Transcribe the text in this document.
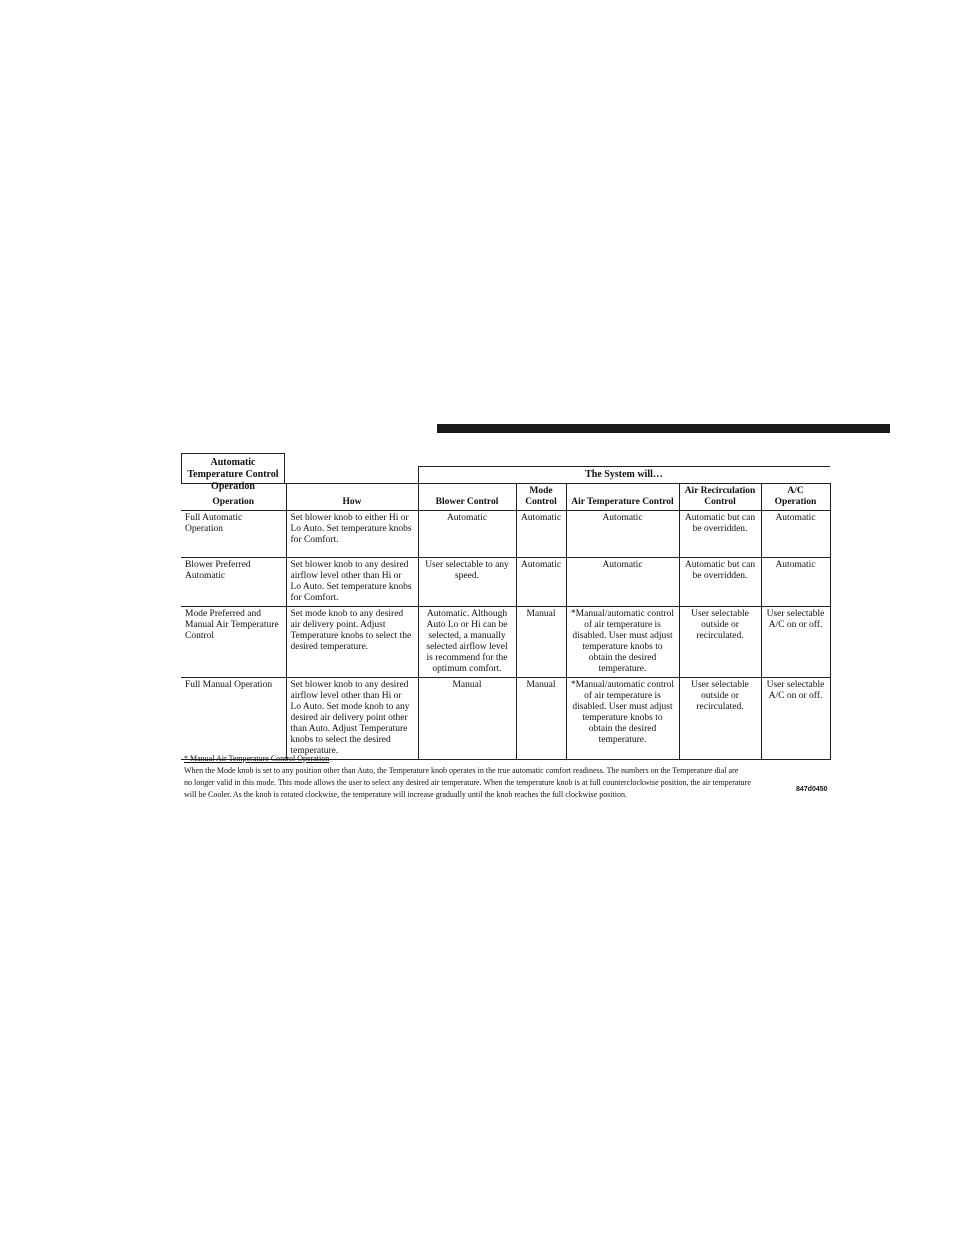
Automatic Temperature Control Operation
The System will…
Operation	How	Blower Control	Mode Control	Air Temperature Control	Air Recirculation Control	A/C Operation
Full Automatic Operation	Set blower knob to either Hi or Lo Auto. Set temperature knobs for Comfort.	Automatic	Automatic	Automatic	Automatic but can be overridden.	Automatic
Blower Preferred Automatic	Set blower knob to any desired airflow level other than Hi or Lo Auto. Set temperature knobs for Comfort.	User selectable to any speed.	Automatic	Automatic	Automatic but can be overridden.	Automatic
Mode Preferred and Manual Air Temperature Control	Set mode knob to any desired air delivery point. Adjust Temperature knobs to select the desired temperature.	Automatic. Although Auto Lo or Hi can be selected, a manually selected airflow level is recommend for the optimum comfort.	Manual	*Manual/automatic control of air temperature is disabled. User must adjust temperature knobs to obtain the desired temperature.	User selectable outside or recirculated.	User selectable A/C on or off.
Full Manual Operation	Set blower knob to any desired airflow level other than Hi or Lo Auto. Set mode knob to any desired air delivery point other than Auto. Adjust Temperature knobs to select the desired temperature.	Manual	Manual	*Manual/automatic control of air temperature is disabled. User must adjust temperature knobs to obtain the desired temperature.	User selectable outside or recirculated.	User selectable A/C on or off.
* Manual Air Temperature Control Operation
When the Mode knob is set to any position other than Auto, the Temperature knob operates in the true automatic comfort readiness. The numbers on the Temperature dial are
no longer valid in this mode. This mode allows the user to select any desired air temperature. When the temperature knob is at full counterclockwise position, the air temperature
will be Cooler. As the knob is rotated clockwise, the temperature will increase gradually until the knob reaches the full clockwise position.
847d0450
